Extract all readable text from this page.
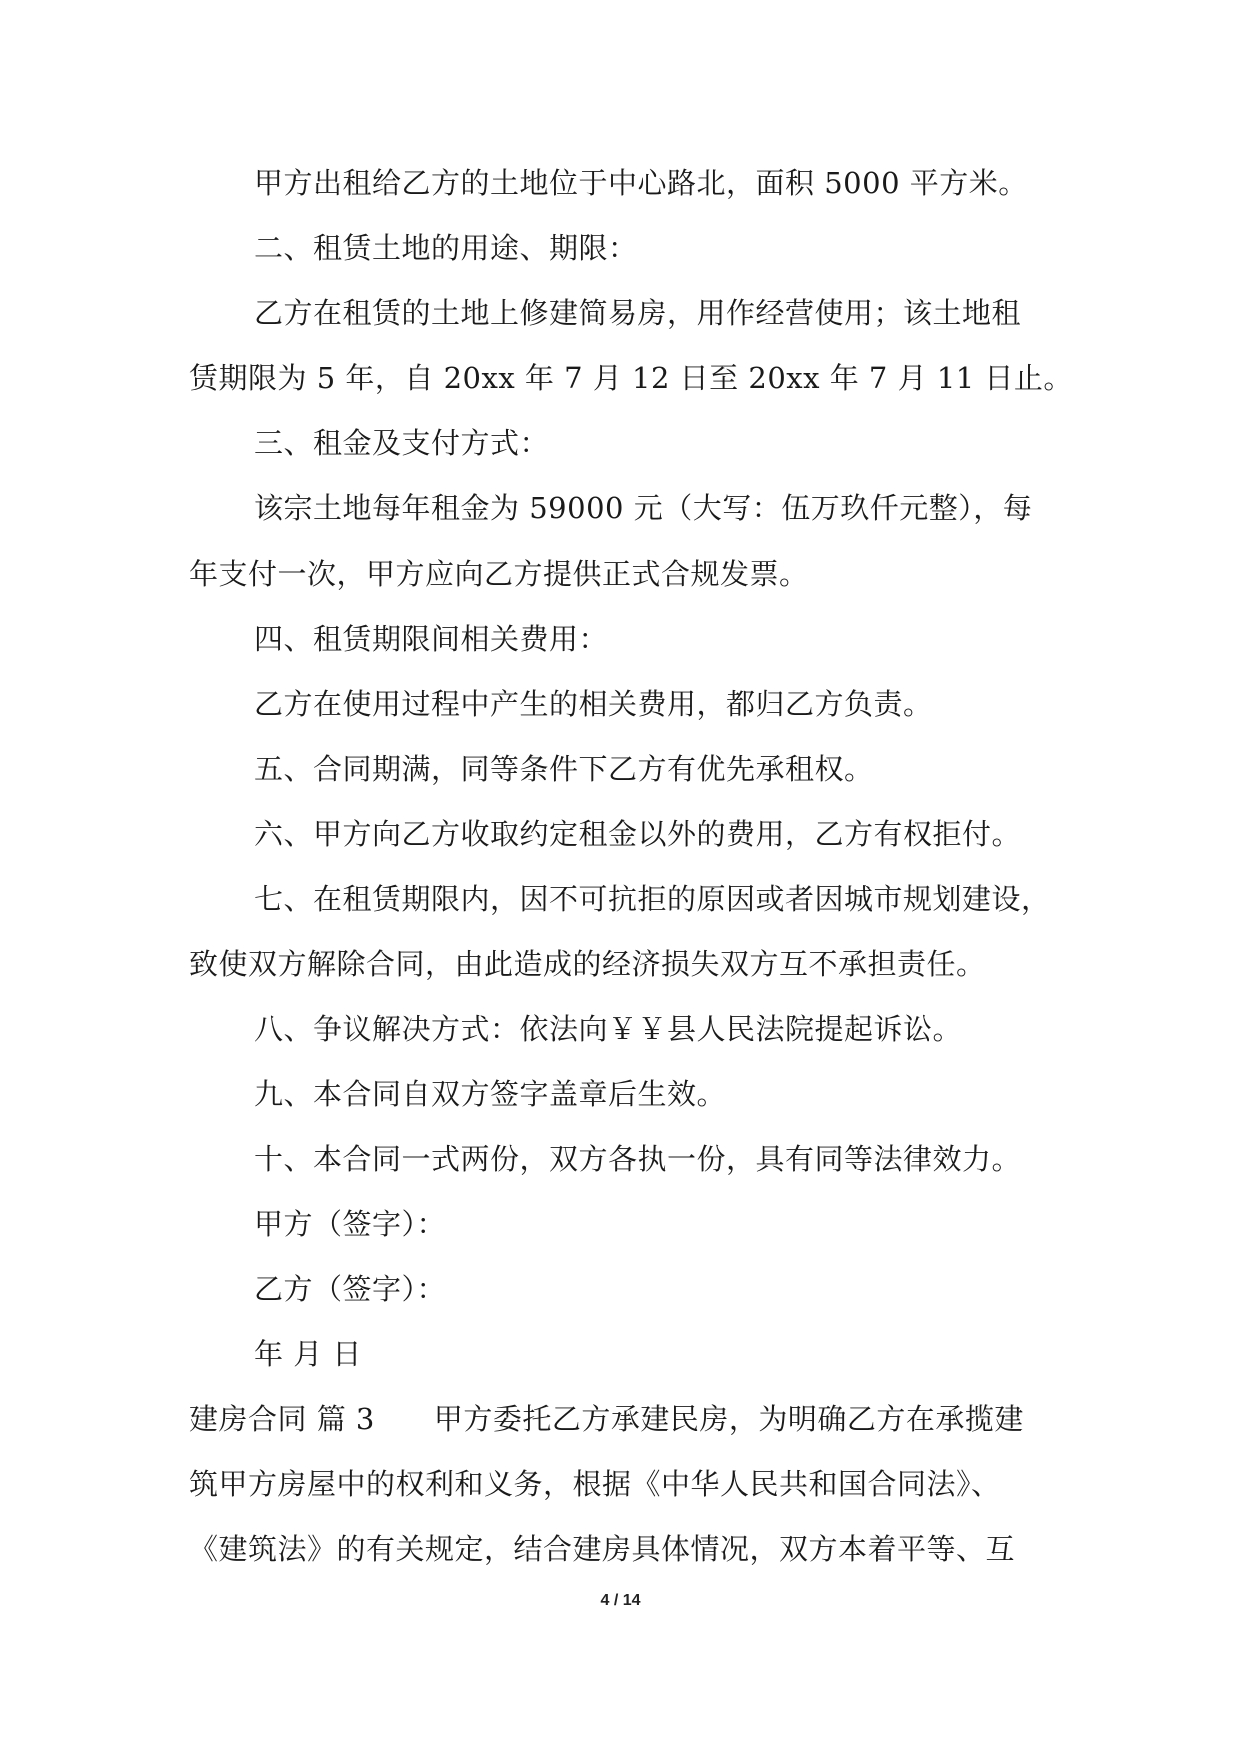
甲方出租给乙方的土地位于中心路北，面积 5000 平方米。
二、租赁土地的用途、期限：
乙方在租赁的土地上修建简易房，用作经营使用；该土地租
赁期限为 5 年，自 20xx 年 7 月 12 日至 20xx 年 7 月 11 日止。
三、租金及支付方式：
该宗土地每年租金为 59000 元（大写：伍万玖仟元整），每
年支付一次，甲方应向乙方提供正式合规发票。
四、租赁期限间相关费用：
乙方在使用过程中产生的相关费用，都归乙方负责。
五、合同期满，同等条件下乙方有优先承租权。
六、甲方向乙方收取约定租金以外的费用，乙方有权拒付。
七、在租赁期限内，因不可抗拒的原因或者因城市规划建设，
致使双方解除合同，由此造成的经济损失双方互不承担责任。
八、争议解决方式：依法向￥￥县人民法院提起诉讼。
九、本合同自双方签字盖章后生效。
十、本合同一式两份，双方各执一份，具有同等法律效力。
甲方（签字）：
乙方（签字）：
年 月 日
建房合同 篇 3　　甲方委托乙方承建民房，为明确乙方在承揽建
筑甲方房屋中的权利和义务，根据《中华人民共和国合同法》、
《建筑法》的有关规定，结合建房具体情况，双方本着平等、互
4 / 14
